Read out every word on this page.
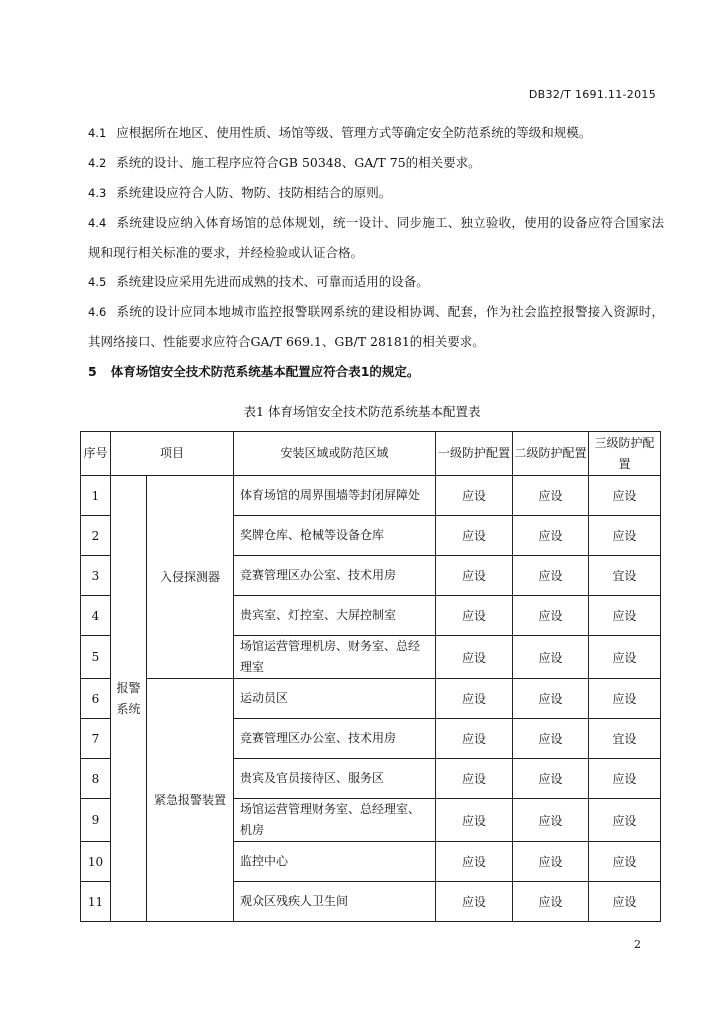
DB32/T 1691.11-2015

4.1 应根据所在地区、使用性质、场馆等级、管理方式等确定安全防范系统的等级和规模。

4.2 系统的设计、施工程序应符合GB 50348、GA/T 75的相关要求。

4.3 系统建设应符合人防、物防、技防相结合的原则。

4.4 系统建设应纳入体育场馆的总体规划，统一设计、同步施工、独立验收，使用的设备应符合国家法规和现行相关标准的要求，并经检验或认证合格。

4.5 系统建设应采用先进而成熟的技术、可靠而适用的设备。

4.6 系统的设计应同本地城市监控报警联网系统的建设相协调、配套，作为社会监控报警接入资源时，其网络接口、性能要求应符合GA/T 669.1、GB/T 28181的相关要求。

5 体育场馆安全技术防范系统基本配置应符合表1的规定。
表1 体育场馆安全技术防范系统基本配置表
序号	项目		安装区域或防范区域	一级防护配置	二级防护配置	三级防护配置
1	报警系统	入侵探测器	体育场馆的周界围墙等封闭屏障处	应设	应设	应设
2			奖牌仓库、枪械等设备仓库	应设	应设	应设
3			竞赛管理区办公室、技术用房	应设	应设	宜设
4			贵宾室、灯控室、大屏控制室	应设	应设	应设
5			场馆运营管理机房、财务室、总经理室	应设	应设	应设
6		紧急报警装置	运动员区	应设	应设	应设
7			竞赛管理区办公室、技术用房	应设	应设	宜设
8			贵宾及官员接待区、服务区	应设	应设	应设
9			场馆运营管理财务室、总经理室、机房	应设	应设	应设
10			监控中心	应设	应设	应设
11			观众区残疾人卫生间	应设	应设	应设
2
